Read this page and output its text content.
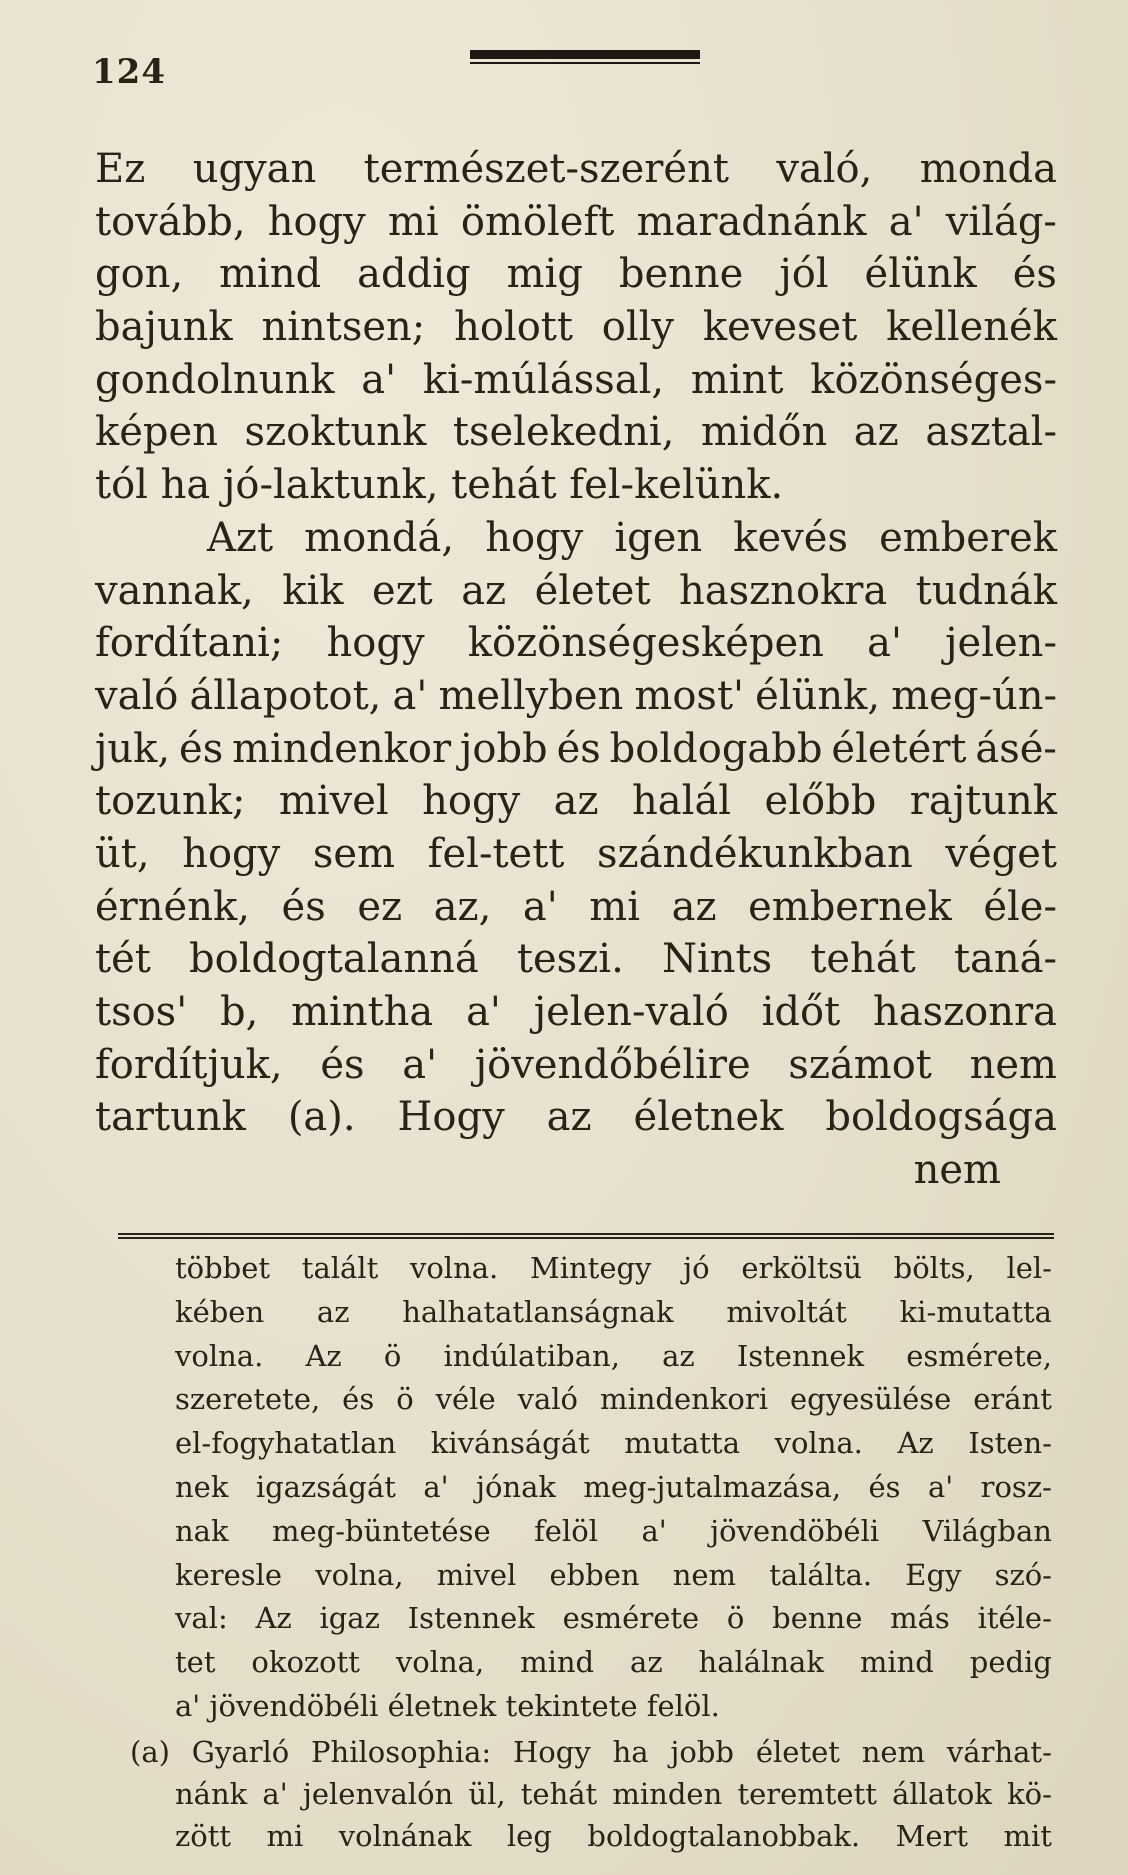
124
Ez ugyan természet-szerént való, monda
tovább, hogy mi ömöleft maradnánk a' világ-
gon, mind addig mig benne jól élünk és
bajunk nintsen; holott olly keveset kellenék
gondolnunk a' ki-múlással, mint közönséges-
képen szoktunk tselekedni, midőn az asztal-
tól ha jó-laktunk, tehát fel-kelünk.
Azt mondá, hogy igen kevés emberek
vannak, kik ezt az életet hasznokra tudnák
fordítani; hogy közönségesképen a' jelen-
való állapotot, a' mellyben most' élünk, meg-ún-
juk, és mindenkor jobb és boldogabb életért ásé-
tozunk; mivel hogy az halál előbb rajtunk
üt, hogy sem fel-tett szándékunkban véget
érnénk, és ez az, a' mi az embernek éle-
tét boldogtalanná teszi. Nints tehát taná-
tsos' b, mintha a' jelen-való időt haszonra
fordítjuk, és a' jövendőbélire számot nem
tartunk (a). Hogy az életnek boldogsága
nem
többet talált volna. Mintegy jó erköltsü bölts, lel-
kében az halhatatlanságnak mivoltát ki-mutatta
volna. Az ö indúlatiban, az Istennek esmérete,
szeretete, és ö véle való mindenkori egyesülése eránt
el-fogyhatatlan kivánságát mutatta volna. Az Isten-
nek igazságát a' jónak meg-jutalmazása, és a' rosz-
nak meg-büntetése felöl a' jövendöbéli Világban
keresle volna, mivel ebben nem találta. Egy szó-
val: Az igaz Istennek esmérete ö benne más itéle-
tet okozott volna, mind az halálnak mind pedig
a' jövendöbéli életnek tekintete felöl.
(a) Gyarló Philosophia: Hogy ha jobb életet nem várhat-
nánk a' jelenvalón ül, tehát minden teremtett állatok kö-
zött mi volnának leg boldogtalanobbak. Mert mit
